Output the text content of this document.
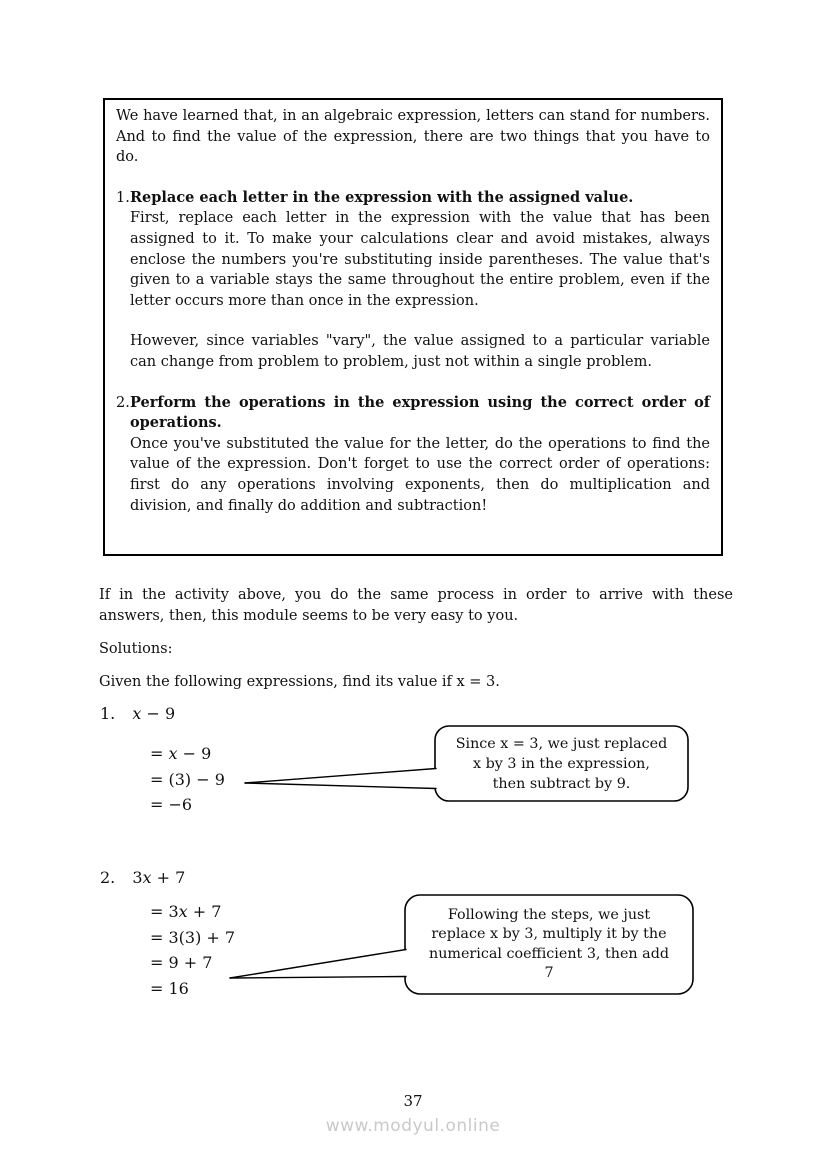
We have learned that, in an algebraic expression, letters can stand for numbers. And to find the value of the expression, there are two things that you have to do.

1. Replace each letter in the expression with the assigned value.

First, replace each letter in the expression with the value that has been assigned to it. To make your calculations clear and avoid mistakes, always enclose the numbers you're substituting inside parentheses. The value that's given to a variable stays the same throughout the entire problem, even if the letter occurs more than once in the expression.

However, since variables "vary", the value assigned to a particular variable can change from problem to problem, just not within a single problem.

2. Perform the operations in the expression using the correct order of operations.

Once you've substituted the value for the letter, do the operations to find the value of the expression. Don't forget to use the correct order of operations: first do any operations involving exponents, then do multiplication and division, and finally do addition and subtraction!

If in the activity above, you do the same process in order to arrive with these answers, then, this module seems to be very easy to you.

Solutions:

Given the following expressions, find its value if x = 3.

1. x − 9

= x − 9
= (3) − 9
= −6
Since x = 3, we just replaced
x by 3 in the expression,
then subtract by 9.

2. 3x + 7

= 3x + 7
= 3(3) + 7
= 9 + 7
= 16
Following the steps, we just
replace x by 3, multiply it by the
numerical coefficient 3, then add
7
37
www.modyul.online
